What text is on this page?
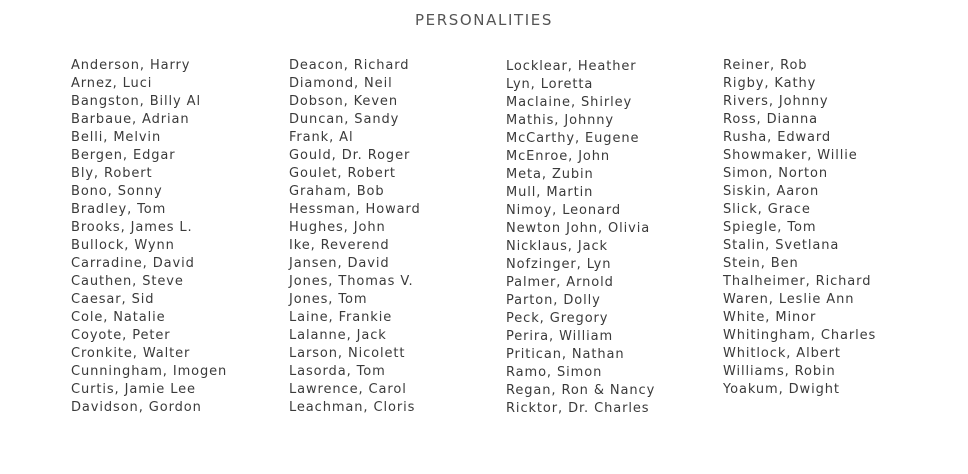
PERSONALITIES
Anderson, Harry
Arnez, Luci
Bangston, Billy Al
Barbaue, Adrian
Belli, Melvin
Bergen, Edgar
Bly, Robert
Bono, Sonny
Bradley, Tom
Brooks, James L.
Bullock, Wynn
Carradine, David
Cauthen, Steve
Caesar, Sid
Cole, Natalie
Coyote, Peter
Cronkite, Walter
Cunningham, Imogen
Curtis, Jamie Lee
Davidson, Gordon
Deacon, Richard
Diamond, Neil
Dobson, Keven
Duncan, Sandy
Frank, Al
Gould, Dr. Roger
Goulet, Robert
Graham, Bob
Hessman, Howard
Hughes, John
Ike, Reverend
Jansen, David
Jones, Thomas V.
Jones, Tom
Laine, Frankie
Lalanne, Jack
Larson, Nicolett
Lasorda, Tom
Lawrence, Carol
Leachman, Cloris
Locklear, Heather
Lyn, Loretta
Maclaine, Shirley
Mathis, Johnny
McCarthy, Eugene
McEnroe, John
Meta, Zubin
Mull, Martin
Nimoy, Leonard
Newton John, Olivia
Nicklaus, Jack
Nofzinger, Lyn
Palmer, Arnold
Parton, Dolly
Peck, Gregory
Perira, William
Pritican, Nathan
Ramo, Simon
Regan, Ron & Nancy
Ricktor, Dr. Charles
Reiner, Rob
Rigby, Kathy
Rivers, Johnny
Ross, Dianna
Rusha, Edward
Showmaker, Willie
Simon, Norton
Siskin, Aaron
Slick, Grace
Spiegle, Tom
Stalin, Svetlana
Stein, Ben
Thalheimer, Richard
Waren, Leslie Ann
White, Minor
Whitingham, Charles
Whitlock, Albert
Williams, Robin
Yoakum, Dwight
